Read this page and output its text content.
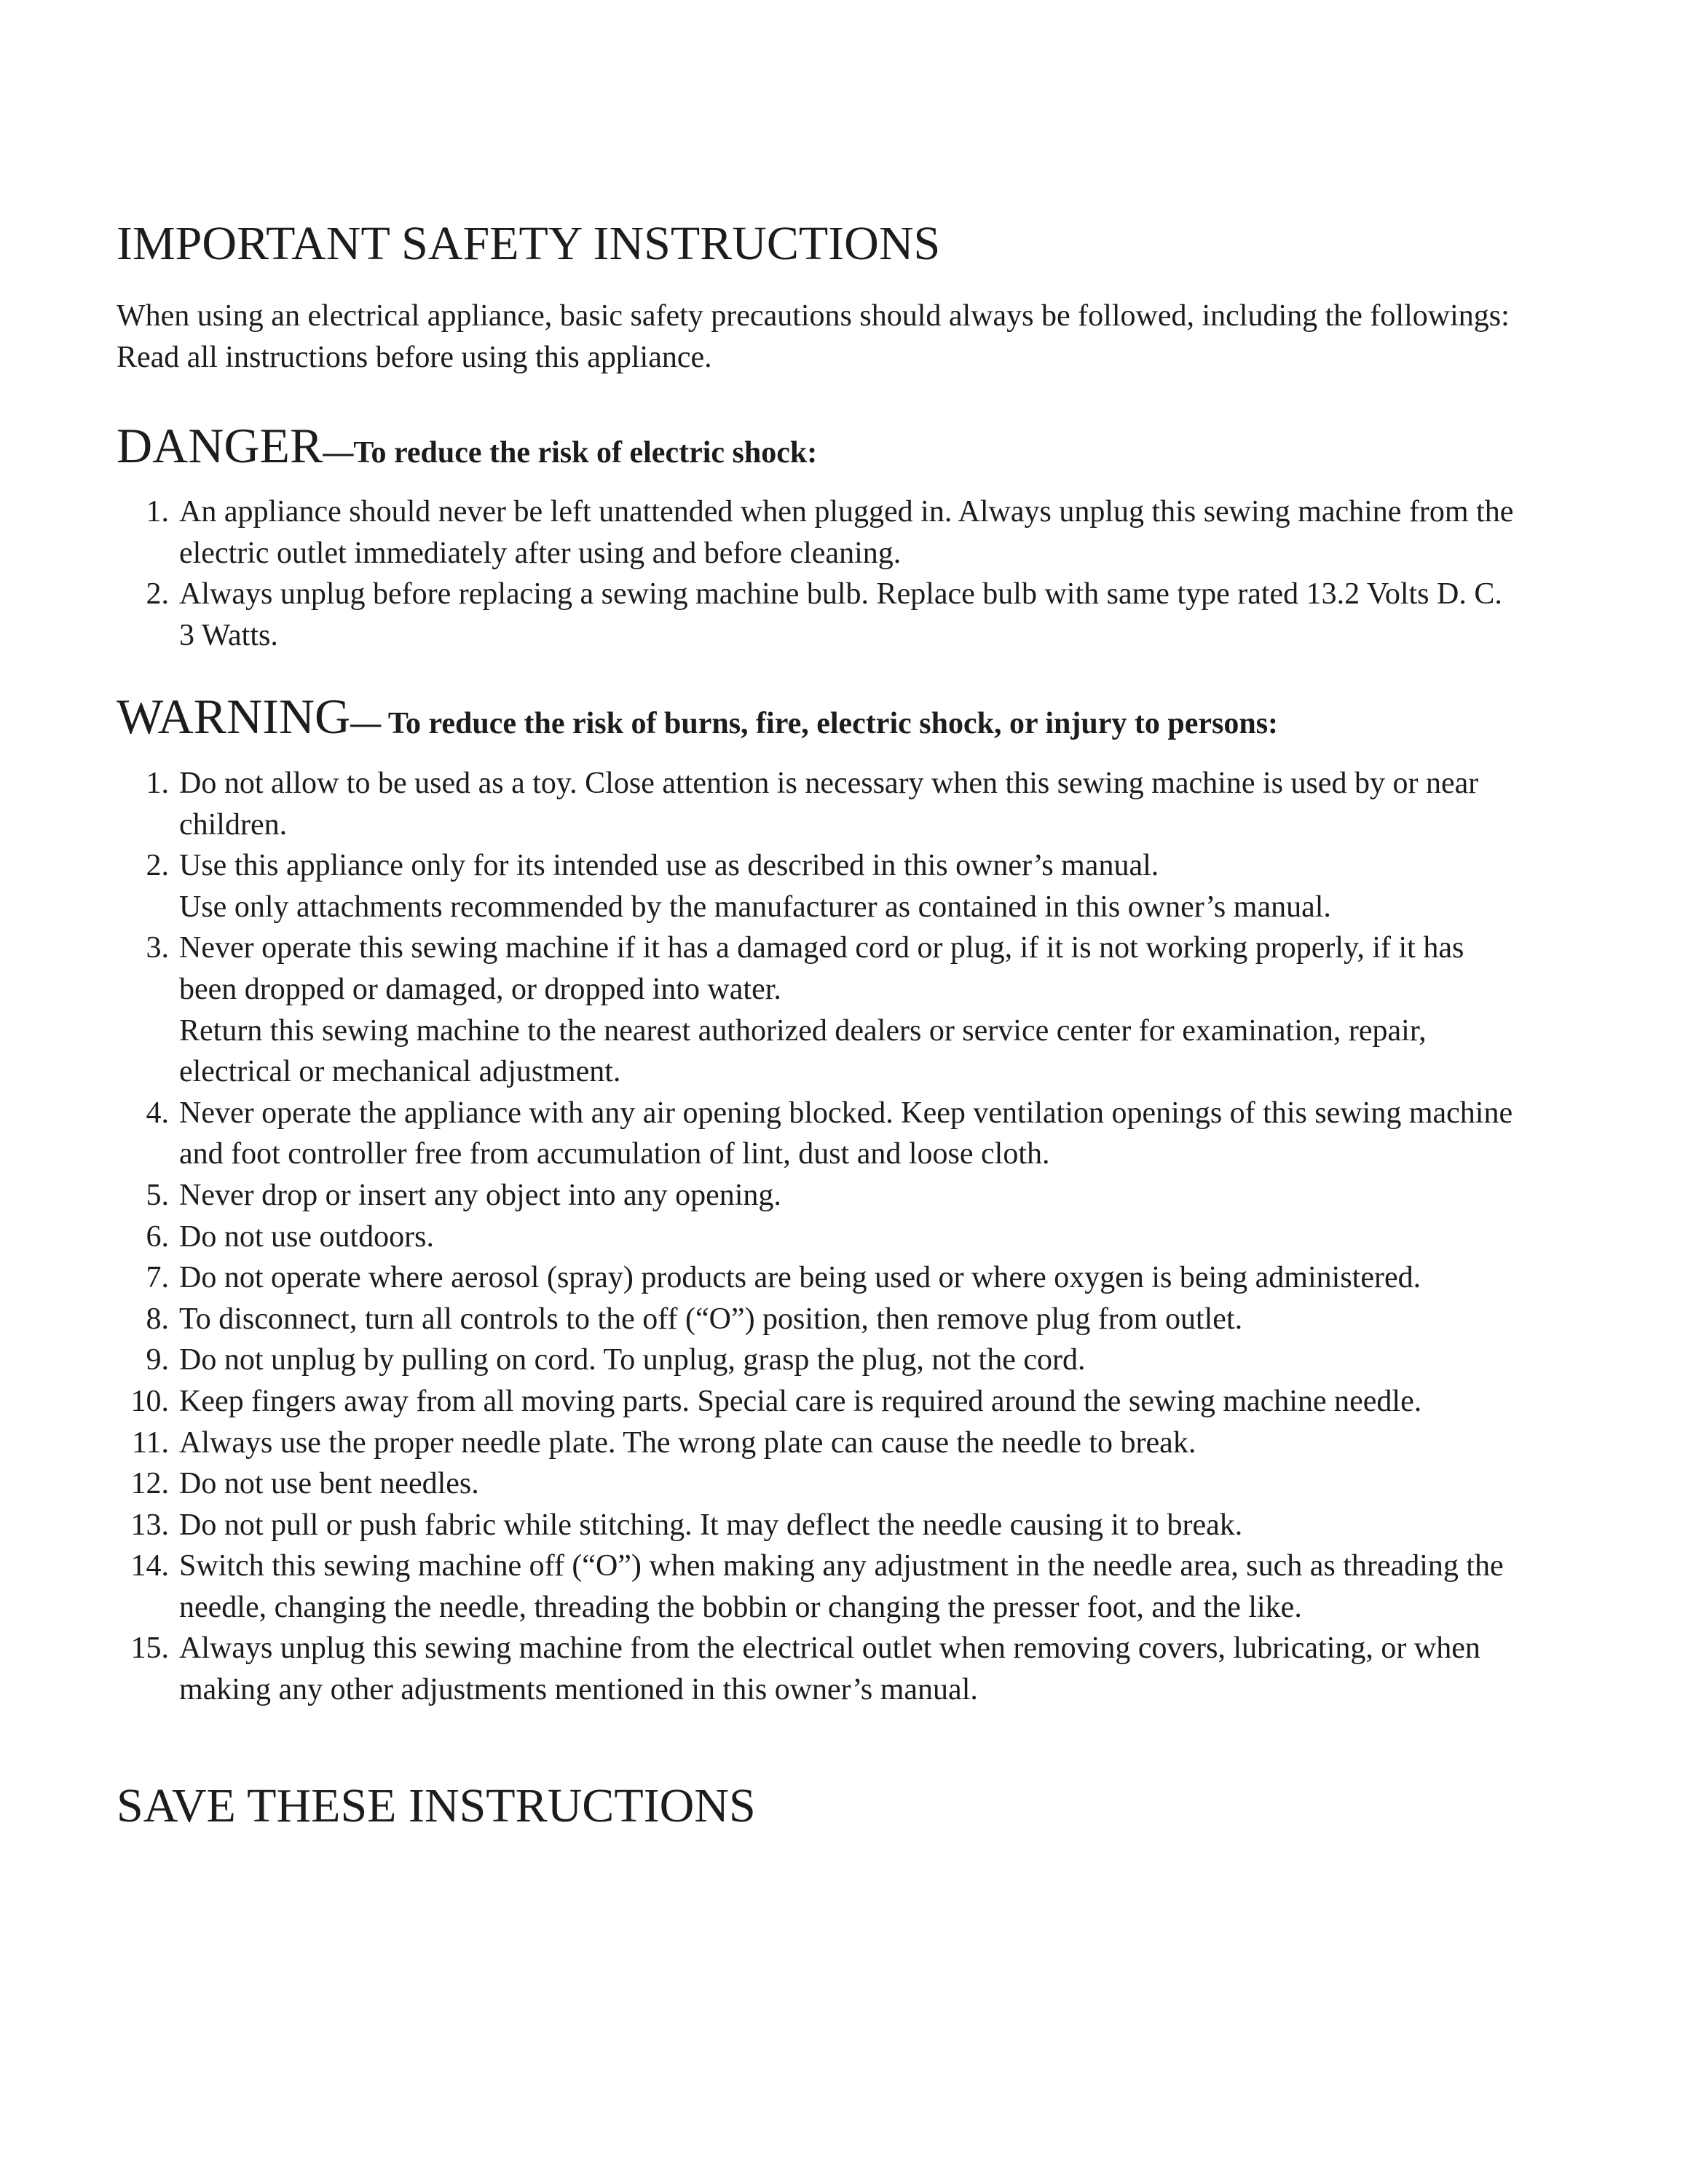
IMPORTANT SAFETY INSTRUCTIONS

When using an electrical appliance, basic safety precautions should always be followed, including the followings:

Read all instructions before using this appliance.

DANGER—To reduce the risk of electric shock:
1. An appliance should never be left unattended when plugged in. Always unplug this sewing machine from the
electric outlet immediately after using and before cleaning.
2. Always unplug before replacing a sewing machine bulb. Replace bulb with same type rated 13.2 Volts D. C.
3 Watts.
WARNING— To reduce the risk of burns, fire, electric shock, or injury to persons:
1. Do not allow to be used as a toy. Close attention is necessary when this sewing machine is used by or near
children.
2. Use this appliance only for its intended use as described in this owner’s manual.
Use only attachments recommended by the manufacturer as contained in this owner’s manual.
3. Never operate this sewing machine if it has a damaged cord or plug, if it is not working properly, if it has
been dropped or damaged, or dropped into water.
Return this sewing machine to the nearest authorized dealers or service center for examination, repair,
electrical or mechanical adjustment.
4. Never operate the appliance with any air opening blocked. Keep ventilation openings of this sewing machine
and foot controller free from accumulation of lint, dust and loose cloth.
5. Never drop or insert any object into any opening.
6. Do not use outdoors.
7. Do not operate where aerosol (spray) products are being used or where oxygen is being administered.
8. To disconnect, turn all controls to the off (“O”) position, then remove plug from outlet.
9. Do not unplug by pulling on cord. To unplug, grasp the plug, not the cord.
10. Keep fingers away from all moving parts. Special care is required around the sewing machine needle.
11. Always use the proper needle plate. The wrong plate can cause the needle to break.
12. Do not use bent needles.
13. Do not pull or push fabric while stitching. It may deflect the needle causing it to break.
14. Switch this sewing machine off (“O”) when making any adjustment in the needle area, such as threading the
needle, changing the needle, threading the bobbin or changing the presser foot, and the like.
15. Always unplug this sewing machine from the electrical outlet when removing covers, lubricating, or when
making any other adjustments mentioned in this owner’s manual.
SAVE THESE INSTRUCTIONS
